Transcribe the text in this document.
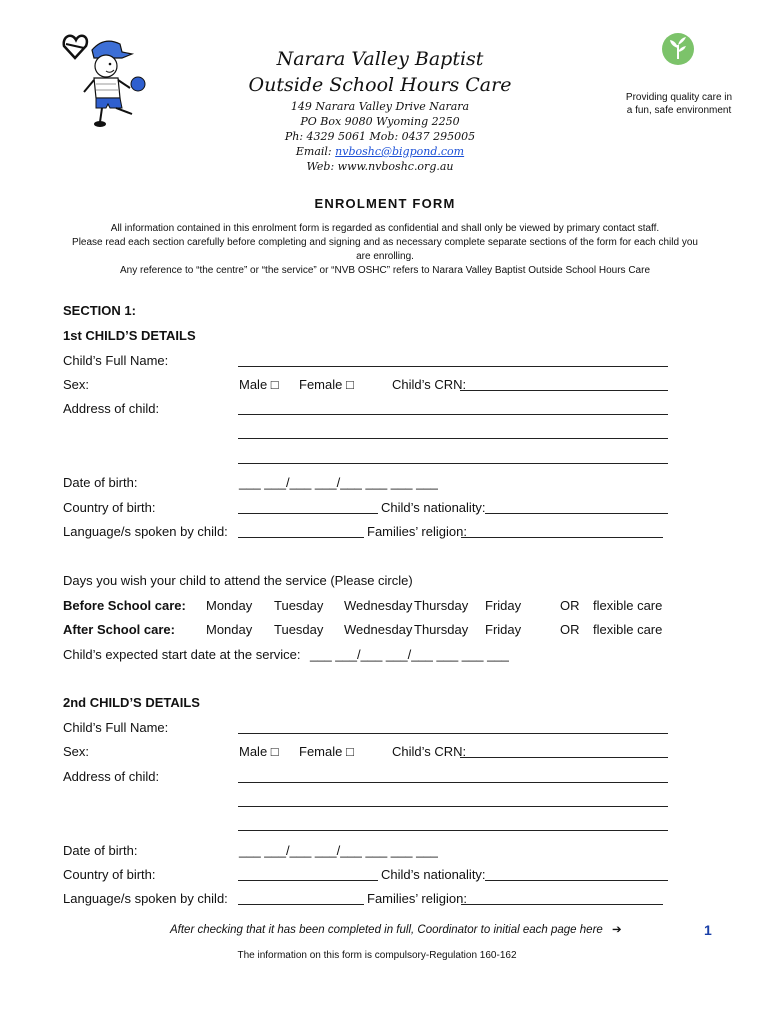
Narara Valley Baptist
Outside School Hours Care
149 Narara Valley Drive Narara
PO Box 9080 Wyoming 2250
Ph: 4329 5061 Mob: 0437 295005
Email: nvboshc@bigpond.com
Web: www.nvboshc.org.au
Providing quality care in
a fun, safe environment
ENROLMENT FORM
All information contained in this enrolment form is regarded as confidential and shall only be viewed by primary contact staff.
Please read each section carefully before completing and signing and as necessary complete separate sections of the form for each child you
are enrolling.
Any reference to “the centre” or “the service” or “NVB OSHC” refers to Narara Valley Baptist Outside School Hours Care
SECTION 1:
1st CHILD’S DETAILS
Child’s Full Name:
Sex:	Male □ Female □	Child’s CRN:
Address of child:
Date of birth:	___ ___/___ ___/___ ___ ___ ___
Country of birth:	Child’s nationality:
Language/s spoken by child:	Families’ religion:
Days you wish your child to attend the service (Please circle)
Before School care: Monday Tuesday Wednesday Thursday Friday	OR flexible care
After School care: Monday Tuesday Wednesday Thursday Friday	OR flexible care
Child’s expected start date at the service: ___ ___/___ ___/___ ___ ___ ___
2nd CHILD’S DETAILS
Child’s Full Name:
Sex:	Male □ Female □	Child’s CRN:
Address of child:
Date of birth:	___ ___/___ ___/___ ___ ___ ___
Country of birth:	Child’s nationality:
Language/s spoken by child:	Families’ religion:
After checking that it has been completed in full, Coordinator to initial each page here ➔	1
The information on this form is compulsory-Regulation 160-162
